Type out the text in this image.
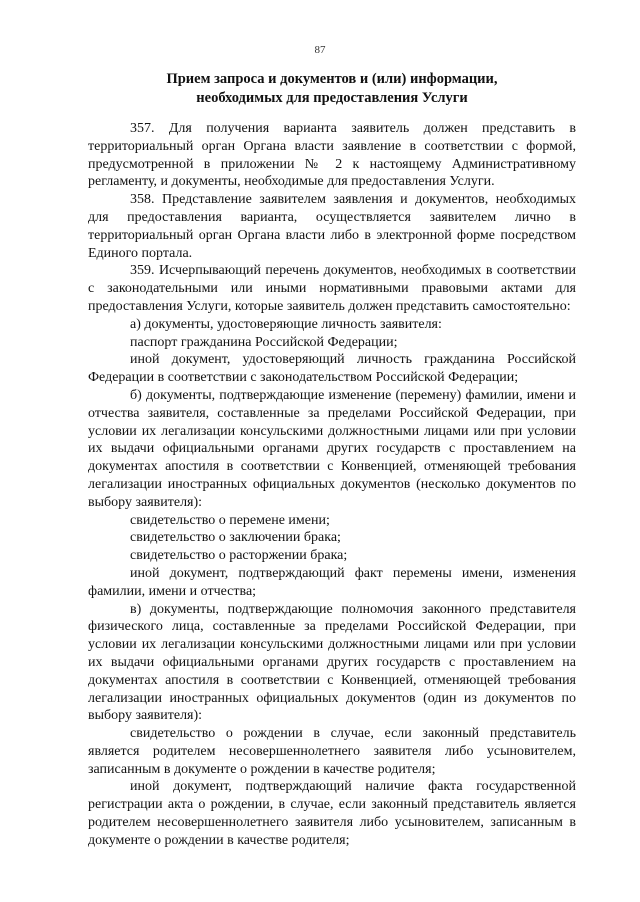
87
Прием запроса и документов и (или) информации,
необходимых для предоставления Услуги

357. Для получения варианта заявитель должен представить в территориальный орган Органа власти заявление в соответствии с формой, предусмотренной в приложении № 2 к настоящему Административному регламенту, и документы, необходимые для предоставления Услуги.

358. Представление заявителем заявления и документов, необходимых для предоставления варианта, осуществляется заявителем лично в территориальный орган Органа власти либо в электронной форме посредством Единого портала.

359. Исчерпывающий перечень документов, необходимых в соответствии с законодательными или иными нормативными правовыми актами для предоставления Услуги, которые заявитель должен представить самостоятельно:

а) документы, удостоверяющие личность заявителя:

паспорт гражданина Российской Федерации;

иной документ, удостоверяющий личность гражданина Российской Федерации в соответствии с законодательством Российской Федерации;

б) документы, подтверждающие изменение (перемену) фамилии, имени и отчества заявителя, составленные за пределами Российской Федерации, при условии их легализации консульскими должностными лицами или при условии их выдачи официальными органами других государств с проставлением на документах апостиля в соответствии с Конвенцией, отменяющей требования легализации иностранных официальных документов (несколько документов по выбору заявителя):

свидетельство о перемене имени;

свидетельство о заключении брака;

свидетельство о расторжении брака;

иной документ, подтверждающий факт перемены имени, изменения фамилии, имени и отчества;

в) документы, подтверждающие полномочия законного представителя физического лица, составленные за пределами Российской Федерации, при условии их легализации консульскими должностными лицами или при условии их выдачи официальными органами других государств с проставлением на документах апостиля в соответствии с Конвенцией, отменяющей требования легализации иностранных официальных документов (один из документов по выбору заявителя):

свидетельство о рождении в случае, если законный представитель является родителем несовершеннолетнего заявителя либо усыновителем, записанным в документе о рождении в качестве родителя;

иной документ, подтверждающий наличие факта государственной регистрации акта о рождении, в случае, если законный представитель является родителем несовершеннолетнего заявителя либо усыновителем, записанным в документе о рождении в качестве родителя;
